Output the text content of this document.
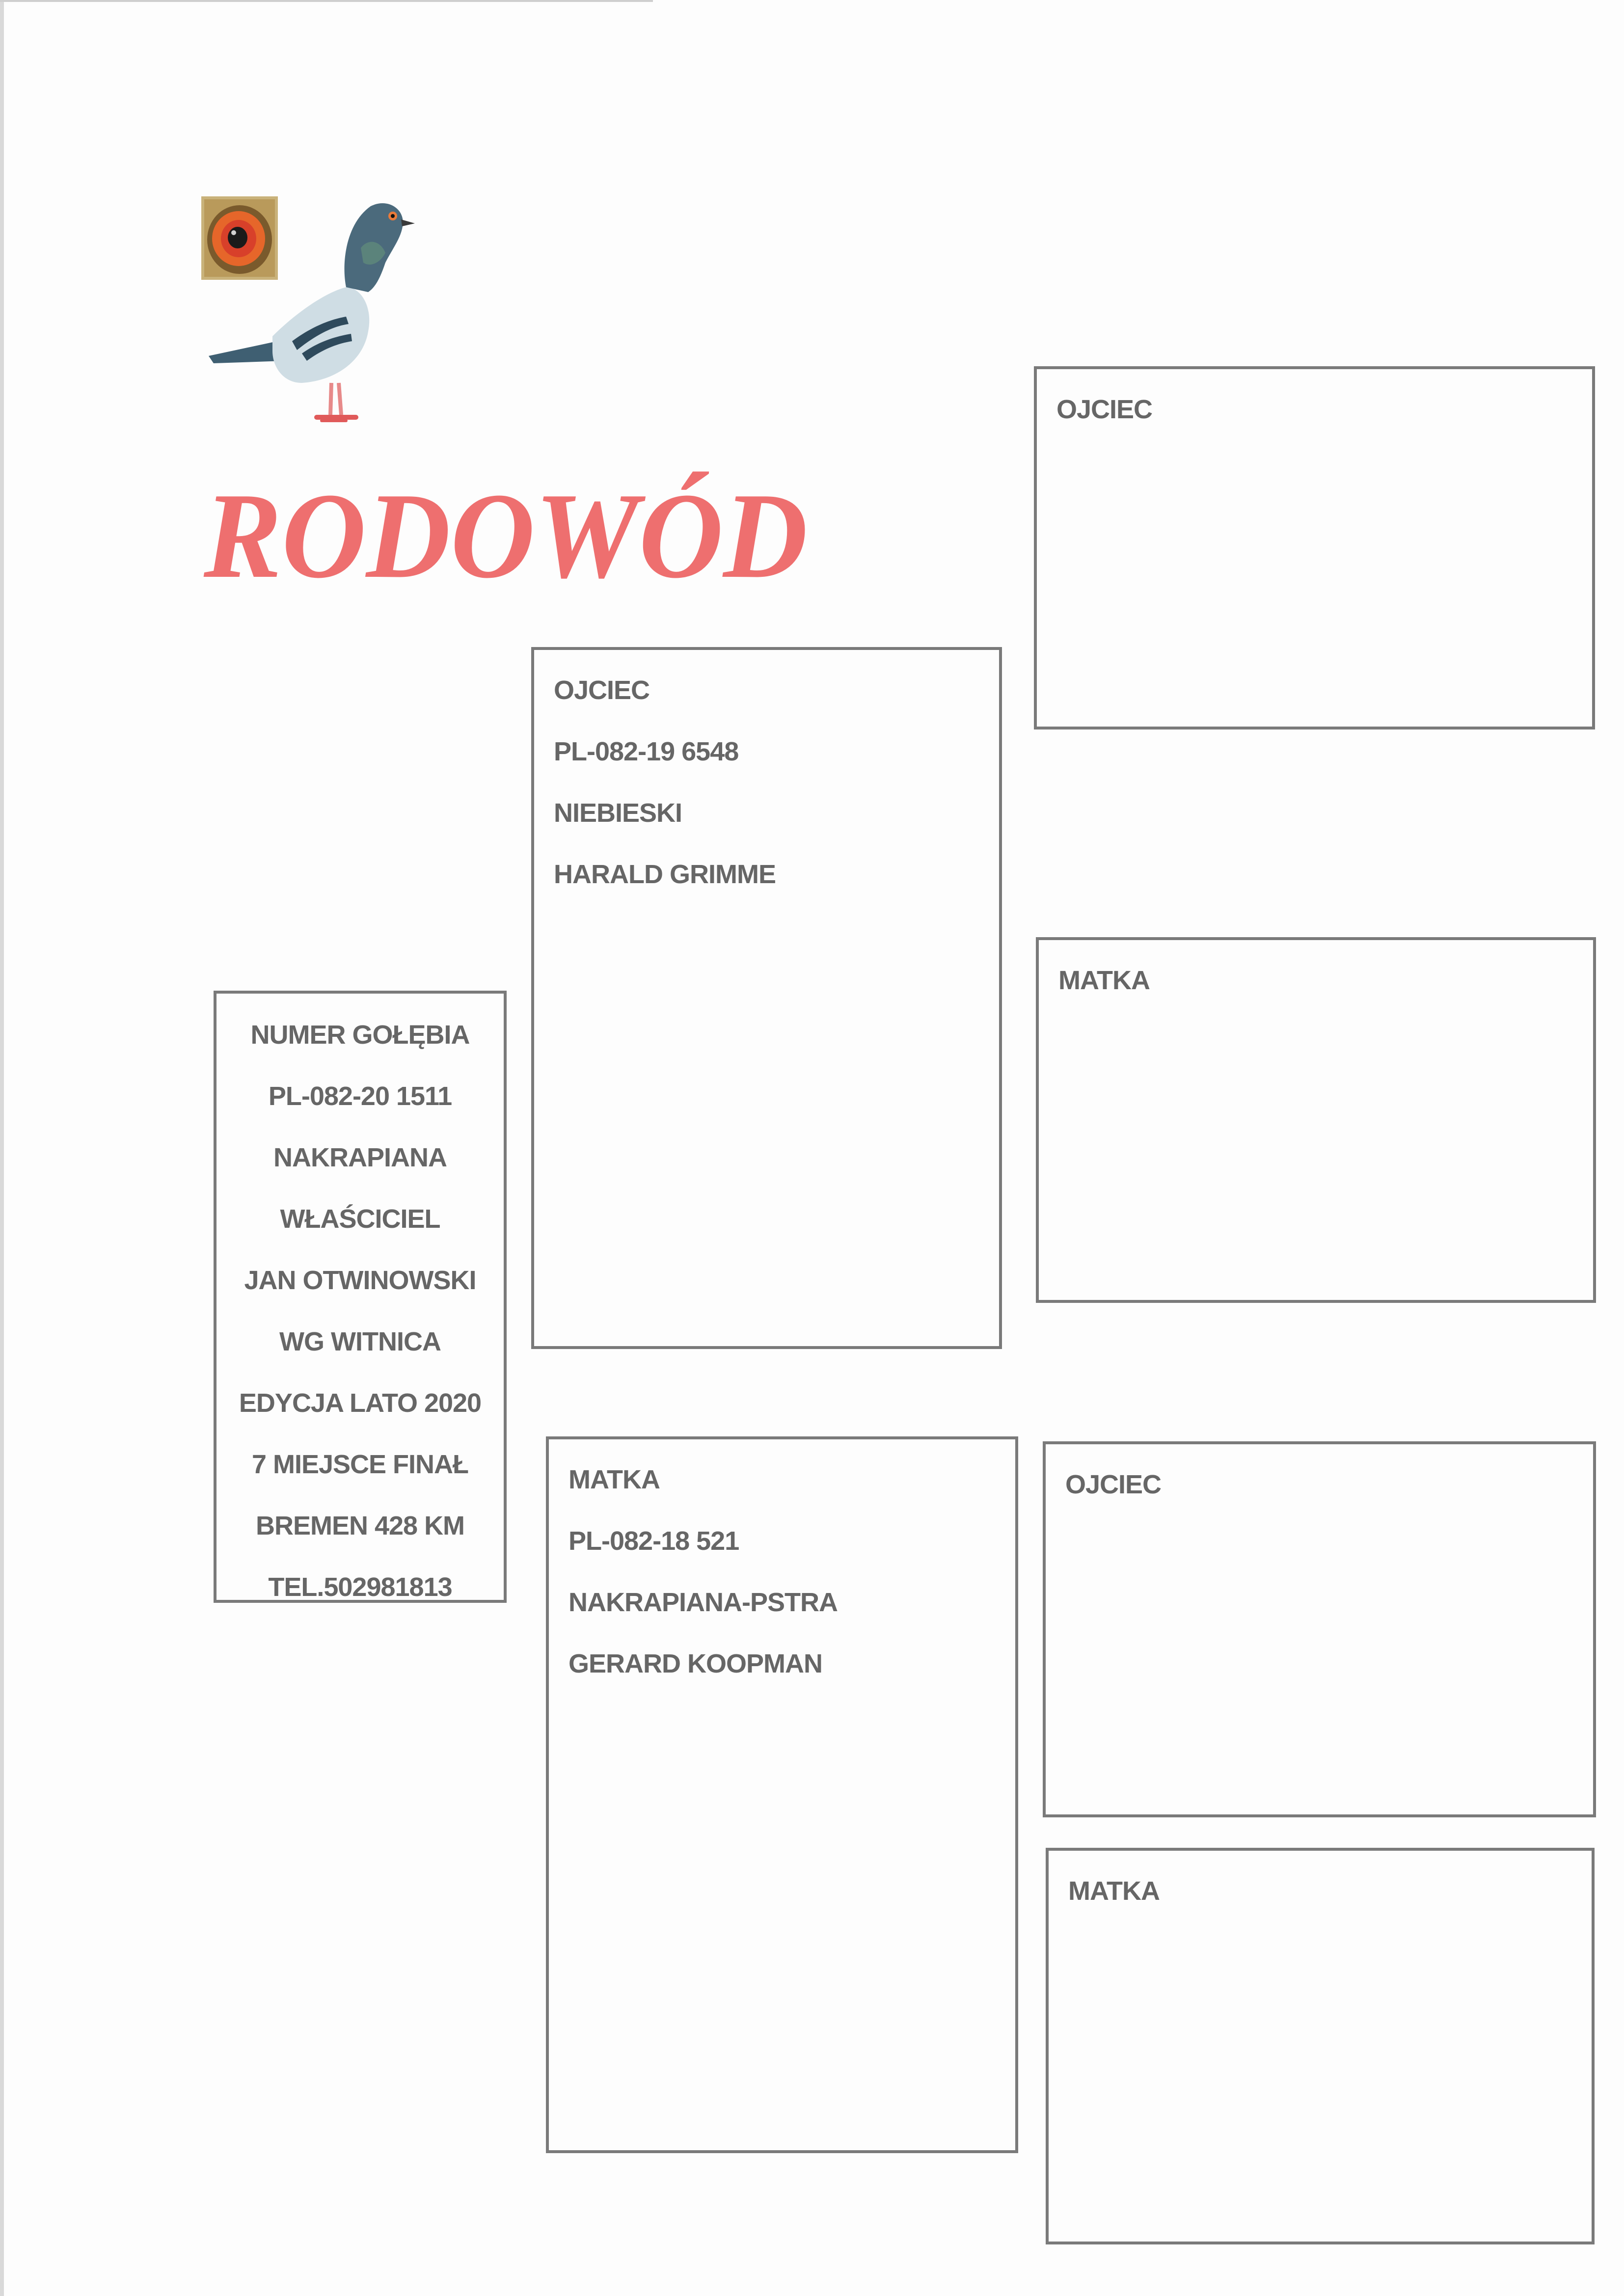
RODOWÓD
NUMER GOŁĘBIA
PL-082-20 1511
NAKRAPIANA
WŁAŚCICIEL
JAN OTWINOWSKI
WG WITNICA
EDYCJA LATO 2020
7 MIEJSCE FINAŁ
BREMEN 428 KM
TEL.502981813
OJCIEC
PL-082-19 6548
NIEBIESKI
HARALD GRIMME
MATKA
PL-082-18 521
NAKRAPIANA-PSTRA
GERARD KOOPMAN
OJCIEC
MATKA
OJCIEC
MATKA
